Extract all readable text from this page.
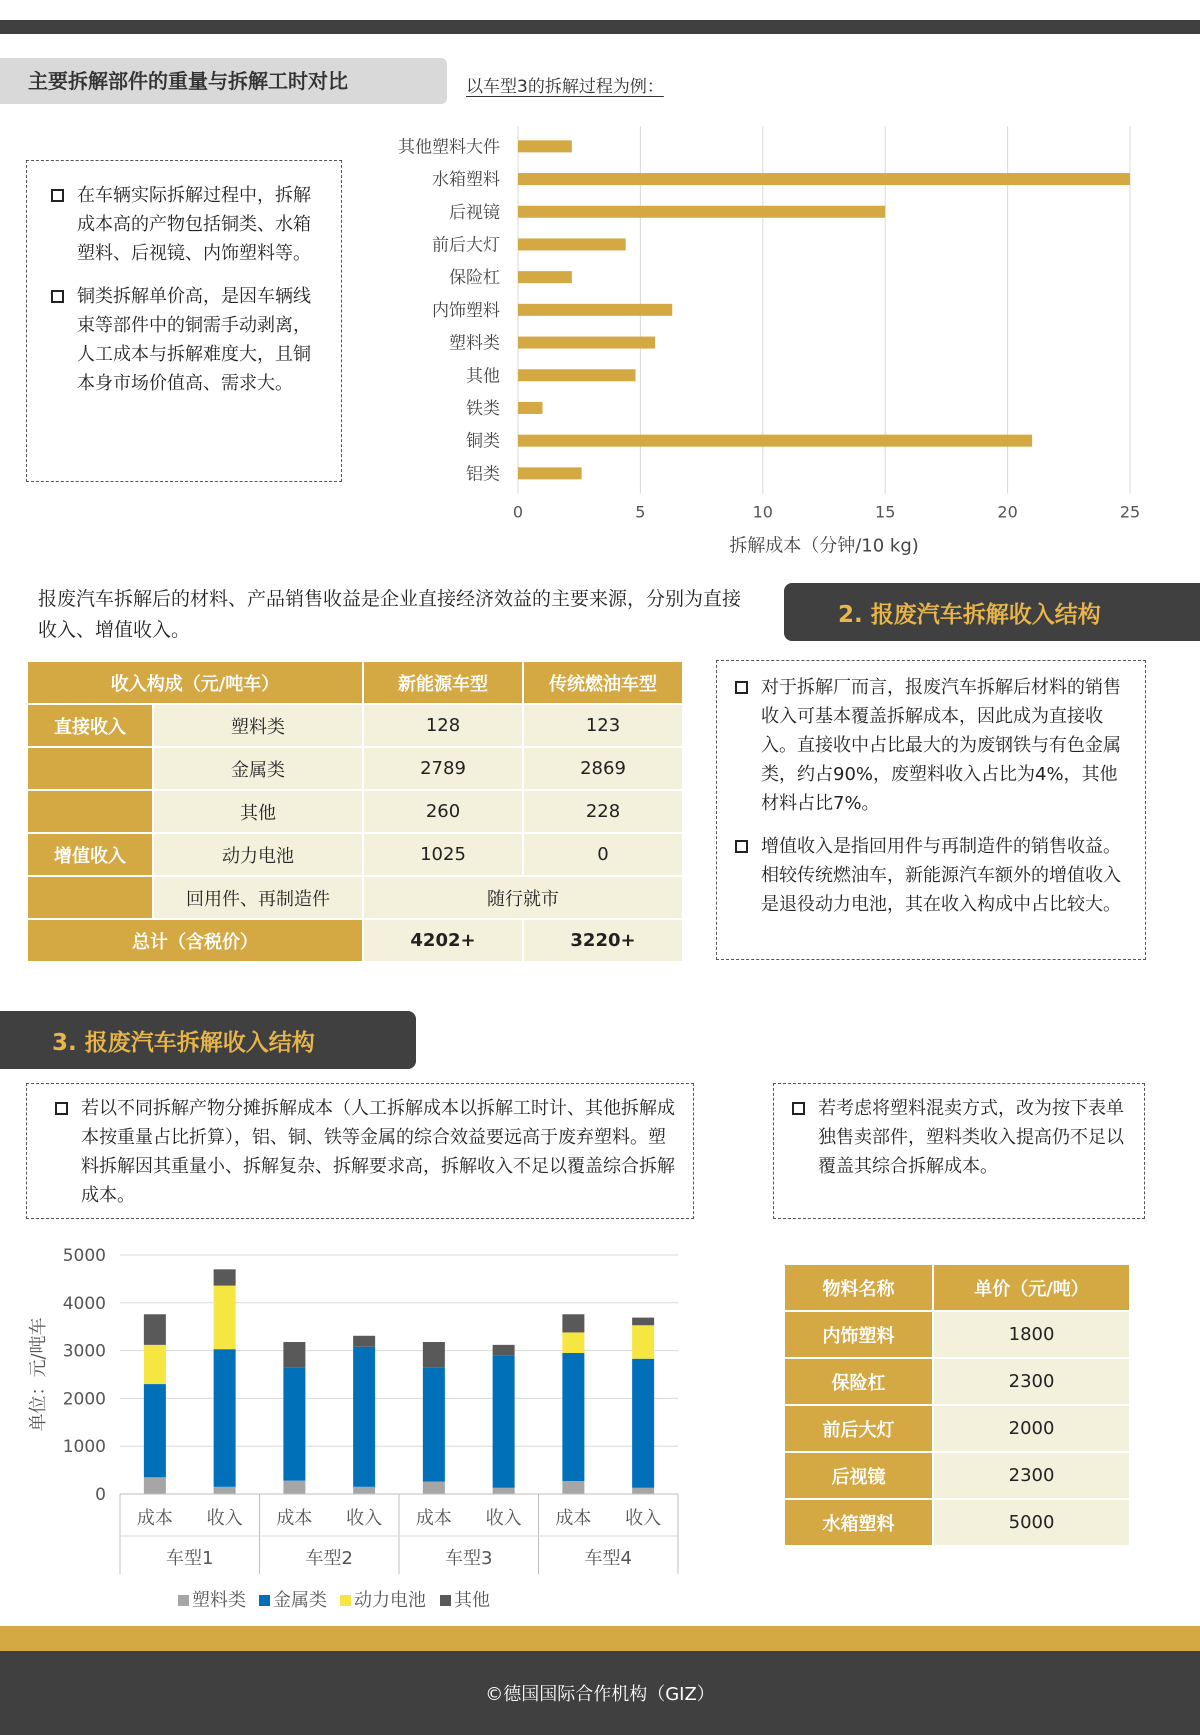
主要拆解部件的重量与拆解工时对比	以车型3的拆解过程为例：
在车辆实际拆解过程中，拆解成本高的产物包括铜类、水箱塑料、后视镜、内饰塑料等。
铜类拆解单价高，是因车辆线束等部件中的铜需手动剥离，人工成本与拆解难度大，且铜本身市场价值高、需求大。
0	5	10	15	20	25
其他塑料大件
水箱塑料
后视镜
前后大灯
保险杠
内饰塑料
塑料类
其他
铁类
铜类
铝类
拆解成本（分钟/10 kg)
报废汽车拆解后的材料、产品销售收益是企业直接经济效益的主要来源，分别为直接收入、增值收入。
2. 报废汽车拆解收入结构
收入构成（元/吨车）		新能源车型	传统燃油车型
直接收入	塑料类	128	123
	金属类	2789	2869
	其他	260	228
增值收入	动力电池	1025	0
	回用件、再制造件	随行就市	
总计（含税价）		4202+	3220+
对于拆解厂而言，报废汽车拆解后材料的销售收入可基本覆盖拆解成本，因此成为直接收入。直接收中占比最大的为废钢铁与有色金属类，约占90%，废塑料收入占比为4%，其他材料占比7%。
增值收入是指回用件与再制造件的销售收益。相较传统燃油车，新能源汽车额外的增值收入是退役动力电池，其在收入构成中占比较大。
3. 报废汽车拆解收入结构
若以不同拆解产物分摊拆解成本（人工拆解成本以拆解工时计、其他拆解成本按重量占比折算），铝、铜、铁等金属的综合效益要远高于废弃塑料。塑料拆解因其重量小、拆解复杂、拆解要求高，拆解收入不足以覆盖综合拆解成本。
若考虑将塑料混卖方式，改为按下表单独售卖部件，塑料类收入提高仍不足以覆盖其综合拆解成本。
0
1000
2000
3000
4000
5000
单位：元/吨车
成本 收入 成本 收入 成本 收入 成本 收入
车型1	车型2	车型3	车型4
塑料类 金属类 动力电池 其他
物料名称	单价（元/吨）
内饰塑料	1800
保险杠	2300
前后大灯	2000
后视镜	2300
水箱塑料	5000
©德国国际合作机构（GIZ）
